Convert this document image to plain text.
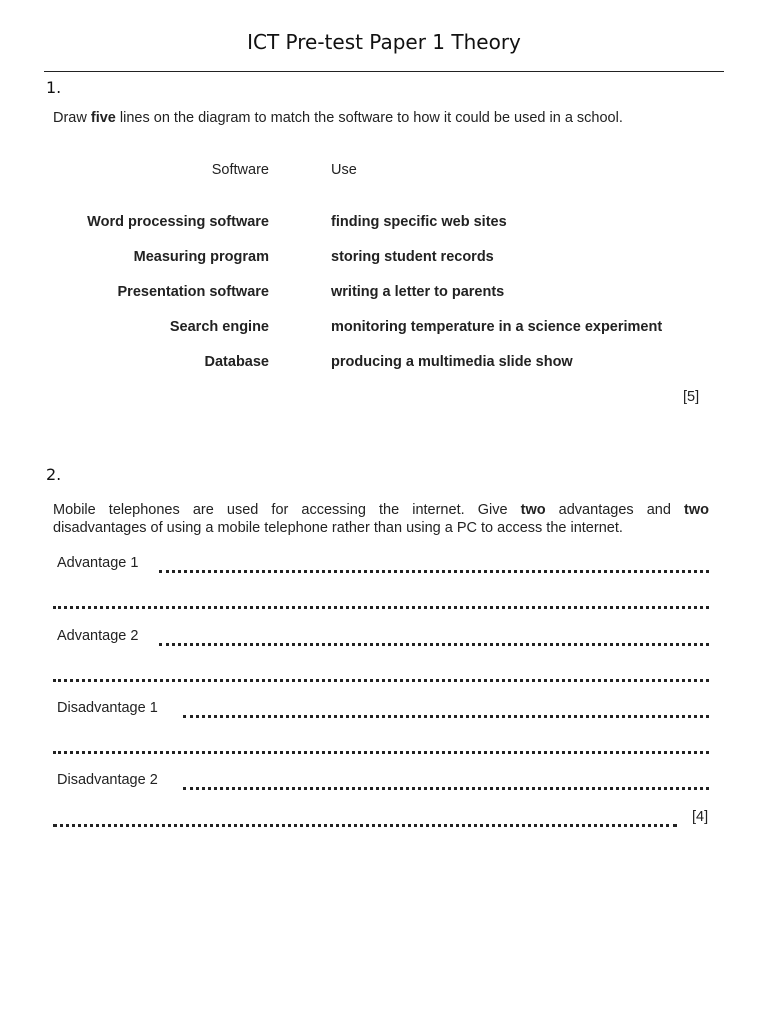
ICT Pre-test Paper 1 Theory
1.
Draw five lines on the diagram to match the software to how it could be used in a school.
Software	Use
Word processing software
Measuring program
Presentation software
Search engine
Database
finding specific web sites
storing student records
writing a letter to parents
monitoring temperature in a science experiment
producing a multimedia slide show
[5]
2.
Mobile telephones are used for accessing the internet. Give two advantages and two
disadvantages of using a mobile telephone rather than using a PC to access the internet.
Advantage 1
Advantage 2
Disadvantage 1
Disadvantage 2
[4]
